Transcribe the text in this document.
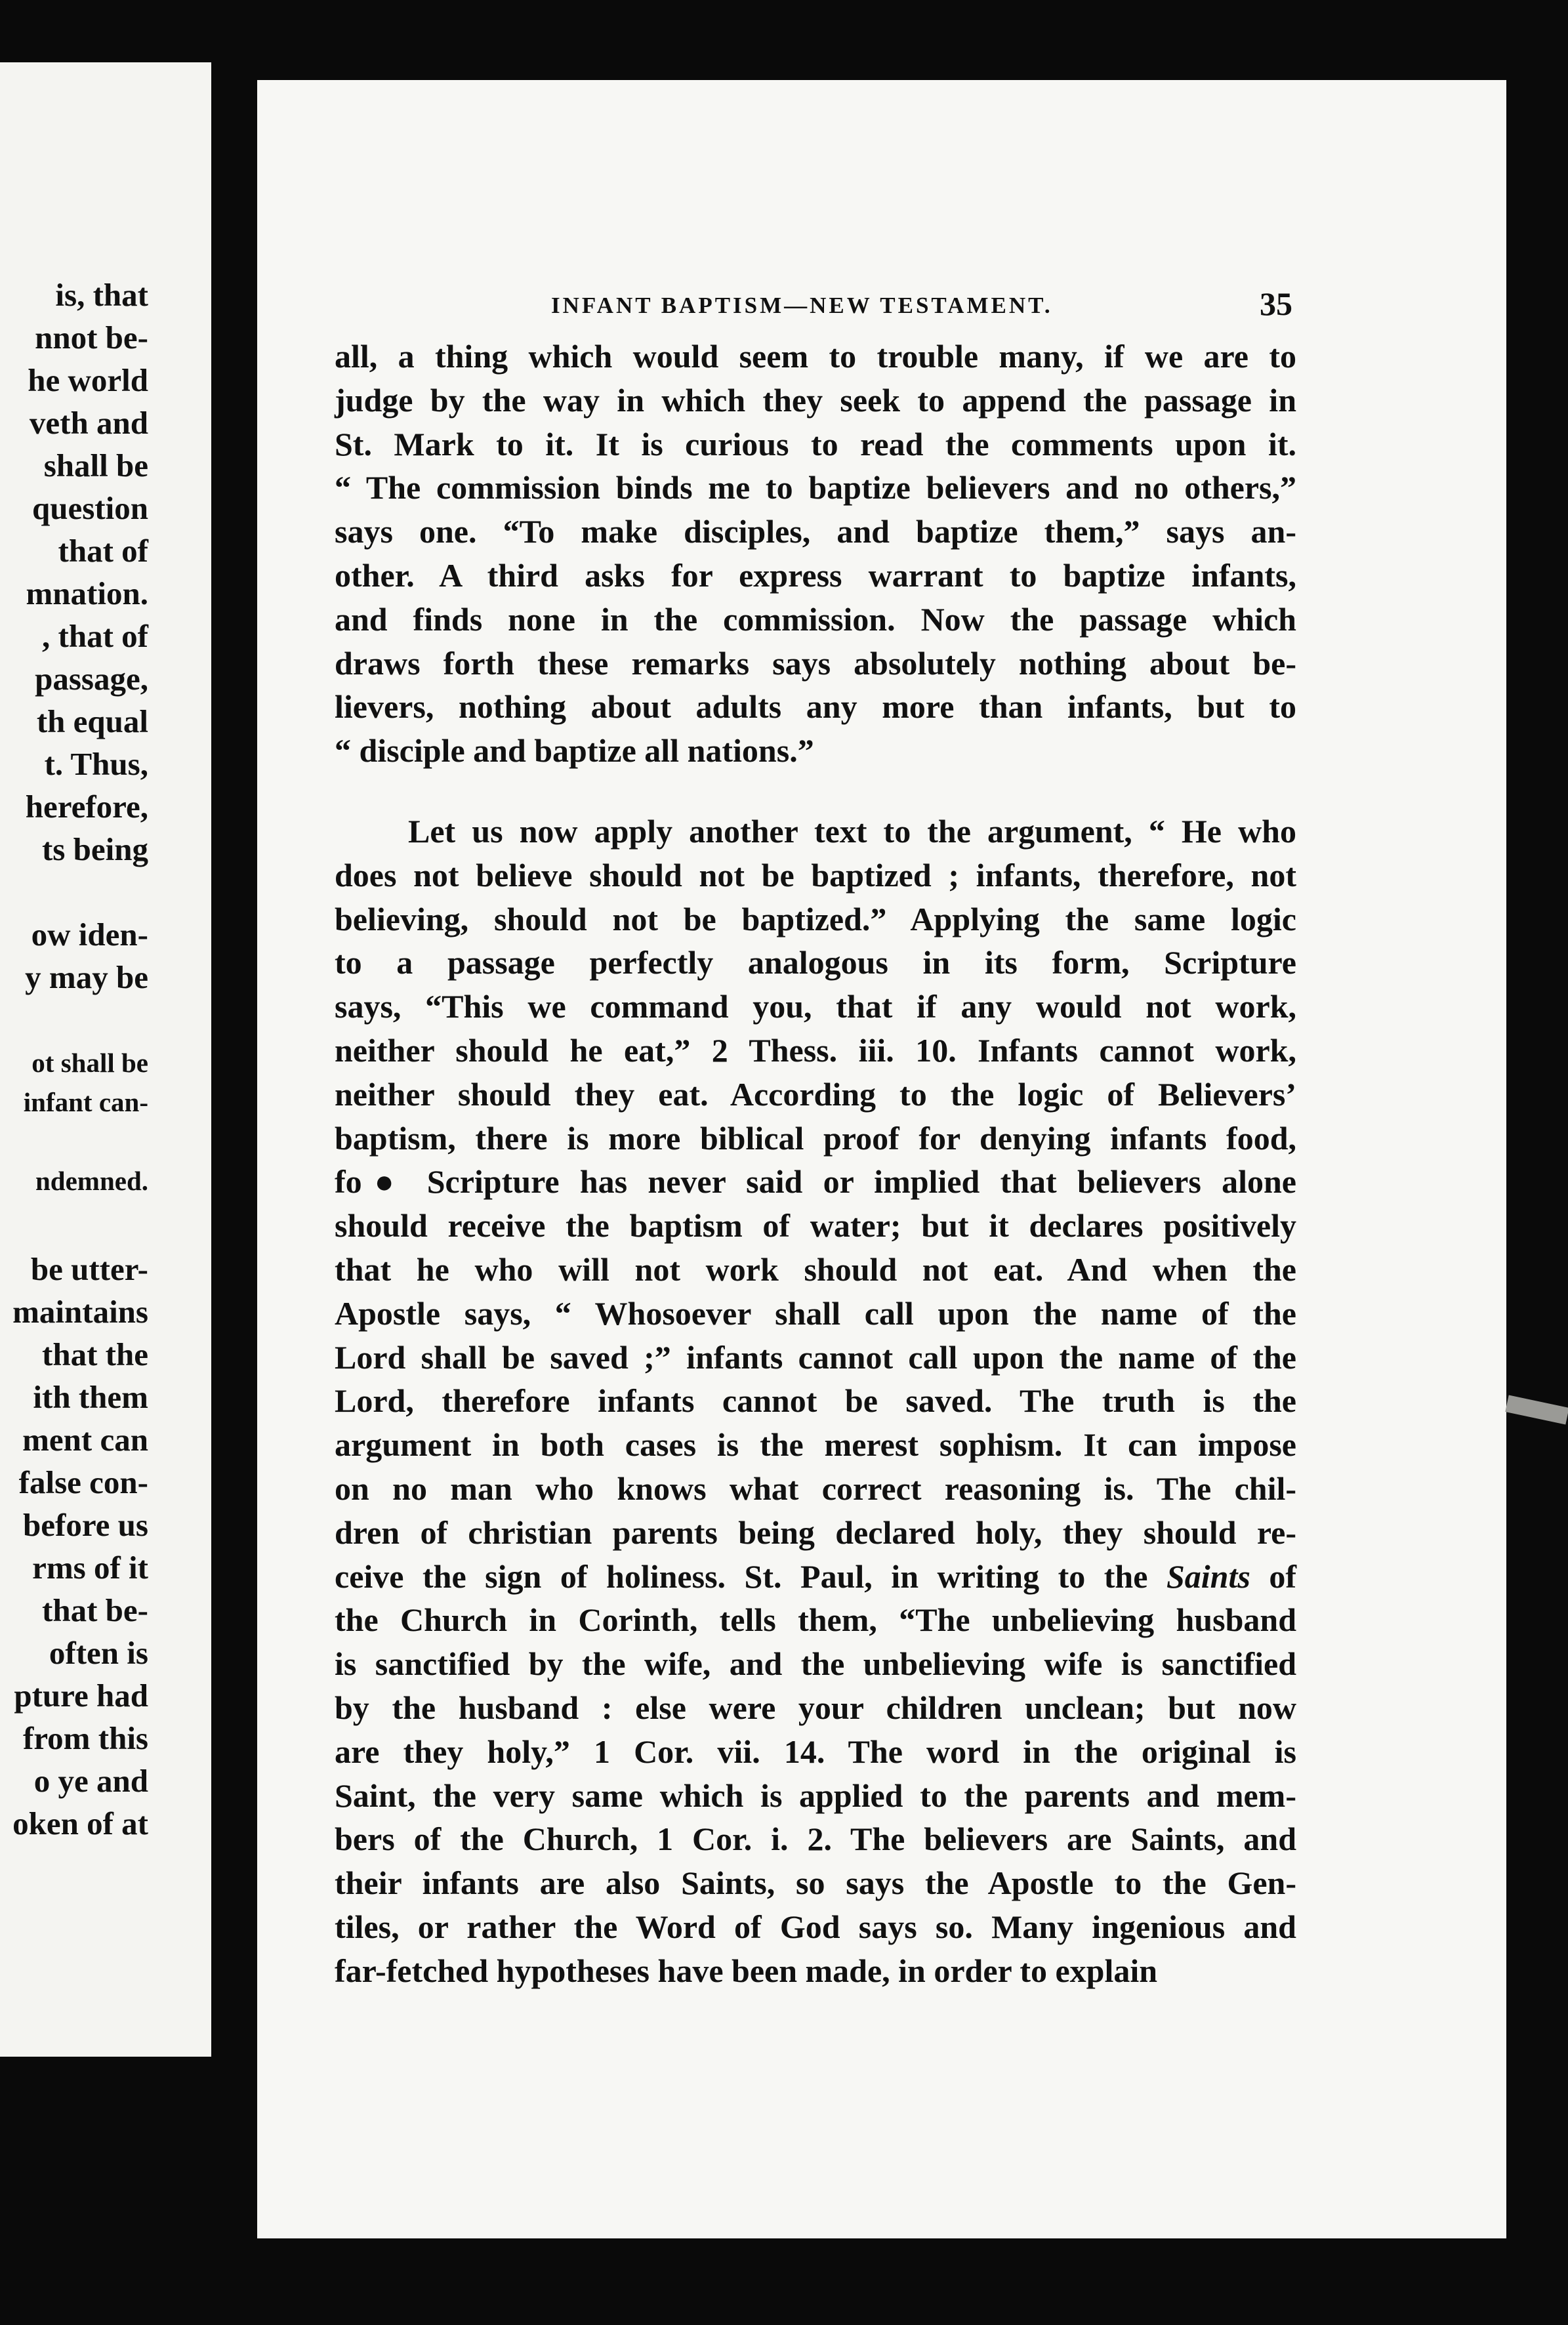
is, that
nnot be-
he world
veth and
shall be
question
that of
mnation.
, that of
passage,
th equal
t. Thus,
herefore,
ts being
ow iden-
y may be
ot shall be
infant can-
ndemned.
be utter-
maintains
that the
ith them
ment can
false con-
before us
rms of it
that be-
often is
pture had
from this
o ye and
oken of at
INFANT BAPTISM—NEW TESTAMENT.	35
all, a thing which would seem to trouble many, if we are to
judge by the way in which they seek to append the passage in
St. Mark to it. It is curious to read the comments upon it.
“ The commission binds me to baptize believers and no others,”
says one. “To make disciples, and baptize them,” says an-
other. A third asks for express warrant to baptize infants,
and finds none in the commission. Now the passage which
draws forth these remarks says absolutely nothing about be-
lievers, nothing about adults any more than infants, but to
“ disciple and baptize all nations.”
Let us now apply another text to the argument, “ He who
does not believe should not be baptized ; infants, therefore, not
believing, should not be baptized.” Applying the same logic
to a passage perfectly analogous in its form, Scripture
says, “This we command you, that if any would not work,
neither should he eat,” 2 Thess. iii. 10. Infants cannot work,
neither should they eat. According to the logic of Believers’
baptism, there is more biblical proof for denying infants food,
fo● Scripture has never said or implied that believers alone
should receive the baptism of water; but it declares positively
that he who will not work should not eat. And when the
Apostle says, “ Whosoever shall call upon the name of the
Lord shall be saved ;” infants cannot call upon the name of the
Lord, therefore infants cannot be saved. The truth is the
argument in both cases is the merest sophism. It can impose
on no man who knows what correct reasoning is. The chil-
dren of christian parents being declared holy, they should re-
ceive the sign of holiness. St. Paul, in writing to the Saints of
the Church in Corinth, tells them, “The unbelieving husband
is sanctified by the wife, and the unbelieving wife is sanctified
by the husband : else were your children unclean; but now
are they holy,” 1 Cor. vii. 14. The word in the original is
Saint, the very same which is applied to the parents and mem-
bers of the Church, 1 Cor. i. 2. The believers are Saints, and
their infants are also Saints, so says the Apostle to the Gen-
tiles, or rather the Word of God says so. Many ingenious and
far-fetched hypotheses have been made, in order to explain
